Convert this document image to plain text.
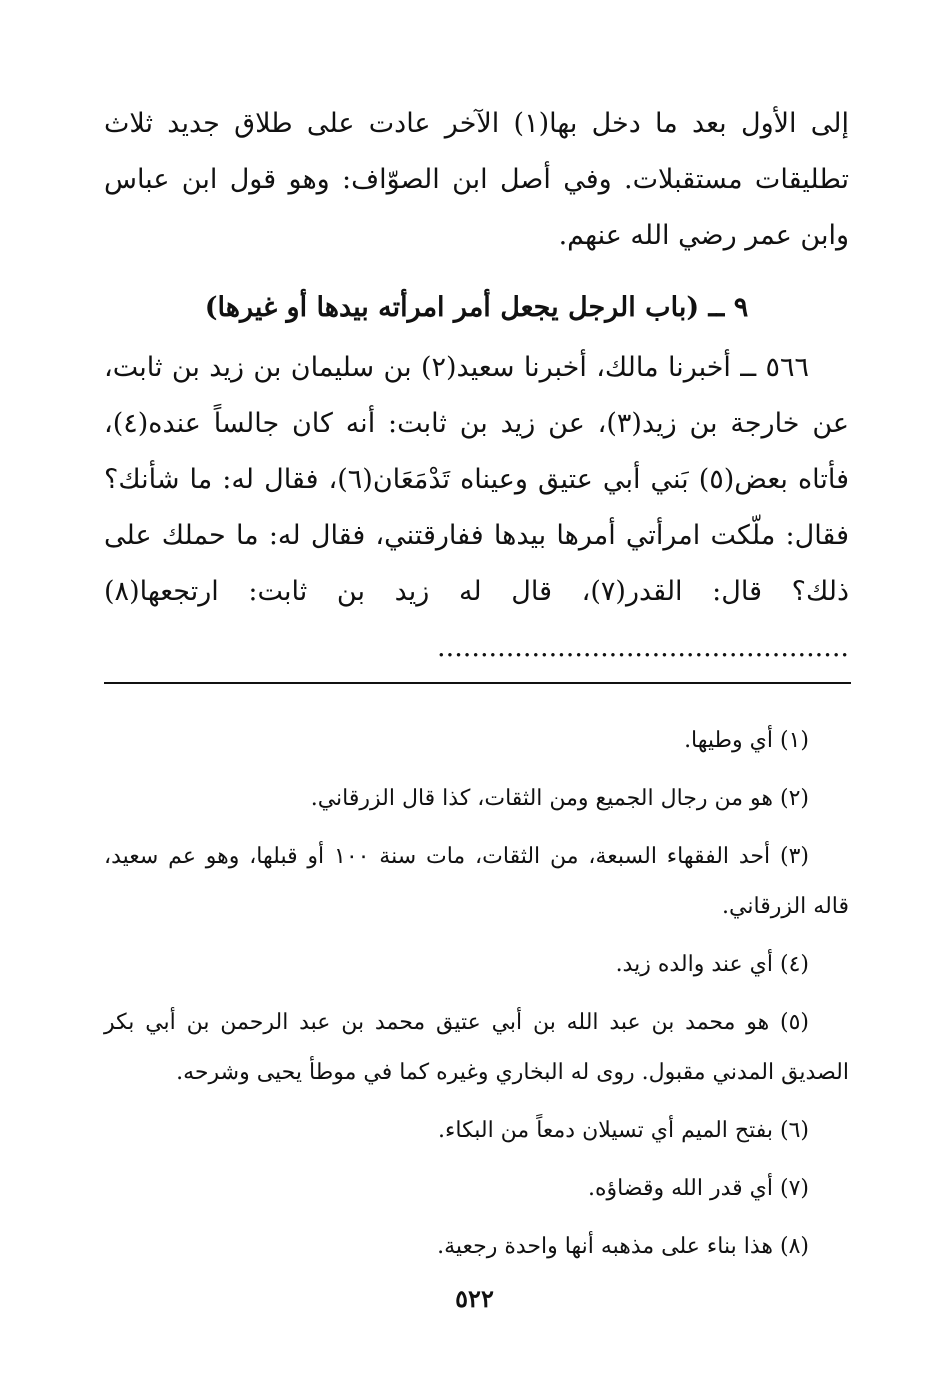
إلى الأول بعد ما دخل بها(١) الآخر عادت على طلاق جديد ثلاث تطليقات مستقبلات. وفي أصل ابن الصوّاف: وهو قول ابن عباس وابن عمر رضي الله عنهم.

٩ ــ (باب الرجل يجعل أمر امرأته بيدها أو غيرها)

٥٦٦ ــ أخبرنا مالك، أخبرنا سعيد(٢) بن سليمان بن زيد بن ثابت، عن خارجة بن زيد(٣)، عن زيد بن ثابت: أنه كان جالساً عنده(٤)، فأتاه بعض(٥) بَني أبي عتيق وعيناه تَدْمَعَان(٦)، فقال له: ما شأنك؟ فقال: ملّكت امرأتي أمرها بيدها ففارقتني، فقال له: ما حملك على ذلك؟ قال: القدر(٧)، قال له زيد بن ثابت: ارتجعها(٨) ................................................

(١) أي وطيها.

(٢) هو من رجال الجميع ومن الثقات، كذا قال الزرقاني.

(٣) أحد الفقهاء السبعة، من الثقات، مات سنة ١٠٠ أو قبلها، وهو عم سعيد، قاله الزرقاني.

(٤) أي عند والده زيد.

(٥) هو محمد بن عبد الله بن أبي عتيق محمد بن عبد الرحمن بن أبي بكر الصديق المدني مقبول. روى له البخاري وغيره كما في موطأ يحيى وشرحه.

(٦) بفتح الميم أي تسيلان دمعاً من البكاء.

(٧) أي قدر الله وقضاؤه.

(٨) هذا بناء على مذهبه أنها واحدة رجعية.

٥٢٢
